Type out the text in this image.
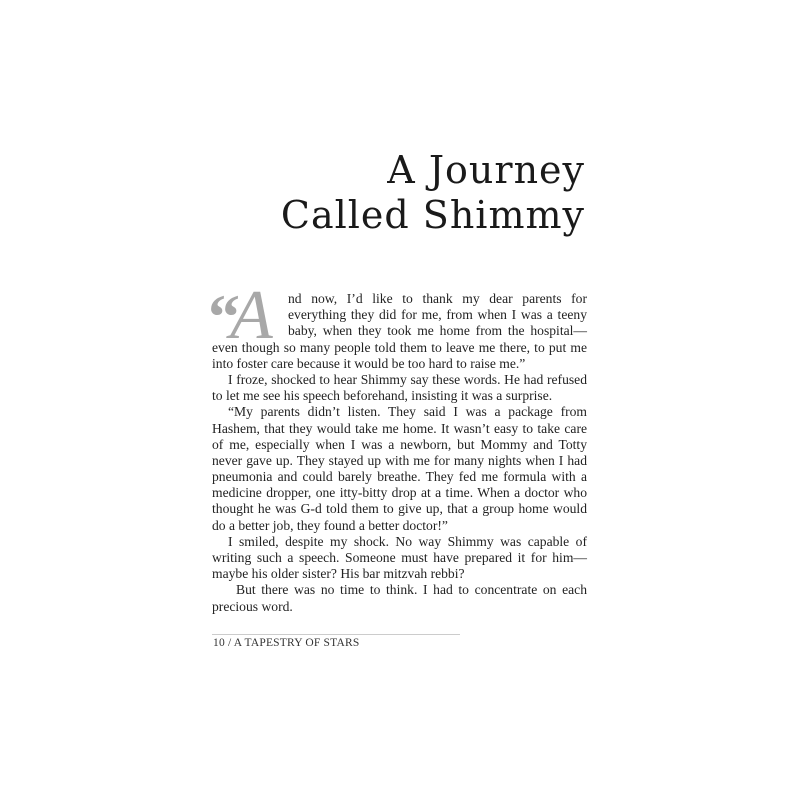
A Journey
Called Shimmy
“A	nd now, I’d like to thank my dear parents for
everything they did for me, from when I was a teeny
baby, when they took me home from the hospital—
even though so many people told them to leave me there, to put me
into foster care because it would be too hard to raise me.”
I froze, shocked to hear Shimmy say these words. He had refused
to let me see his speech beforehand, insisting it was a surprise.
“My parents didn’t listen. They said I was a package from
Hashem, that they would take me home. It wasn’t easy to take care
of me, especially when I was a newborn, but Mommy and Totty
never gave up. They stayed up with me for many nights when I had
pneumonia and could barely breathe. They fed me formula with a
medicine dropper, one itty-bitty drop at a time. When a doctor who
thought he was G-d told them to give up, that a group home would
do a better job, they found a better doctor!”
I smiled, despite my shock. No way Shimmy was capable of
writing such a speech. Someone must have prepared it for him—
maybe his older sister? His bar mitzvah rebbi?
But there was no time to think. I had to concentrate on each
precious word.
10 / A TAPESTRY OF STARS
